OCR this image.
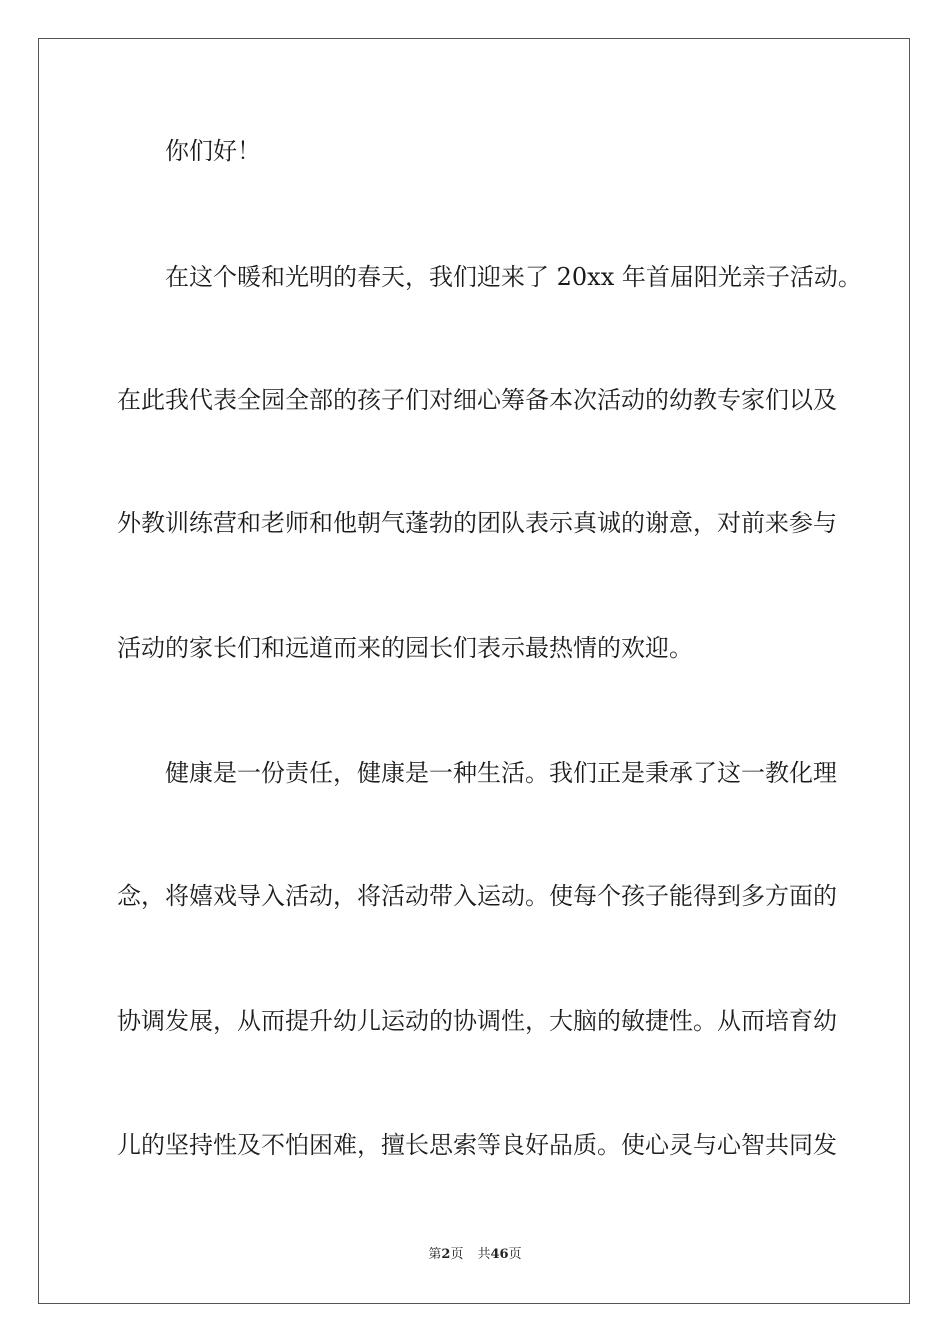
你们好！
在这个暖和光明的春天，我们迎来了 20xx 年首届阳光亲子活动。
在此我代表全园全部的孩子们对细心筹备本次活动的幼教专家们以及
外教训练营和老师和他朝气蓬勃的团队表示真诚的谢意，对前来参与
活动的家长们和远道而来的园长们表示最热情的欢迎。
健康是一份责任，健康是一种生活。我们正是秉承了这一教化理
念，将嬉戏导入活动，将活动带入运动。使每个孩子能得到多方面的
协调发展，从而提升幼儿运动的协调性，大脑的敏捷性。从而培育幼
儿的坚持性及不怕困难，擅长思索等良好品质。使心灵与心智共同发
第2页 共46页
